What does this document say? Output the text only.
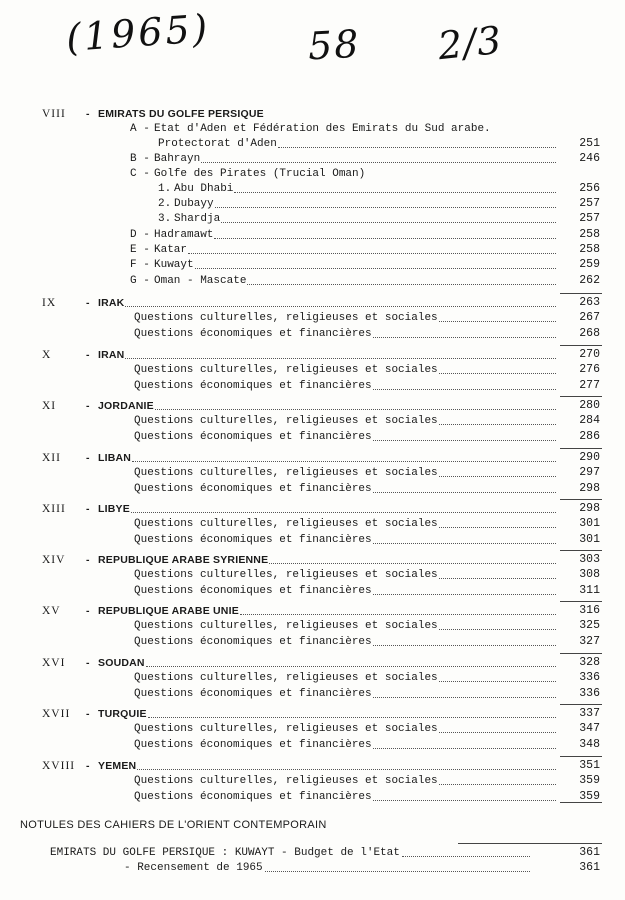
(1965)	58 2/3
VIII - EMIRATS DU GOLFE PERSIQUE
A - Etat d'Aden et Fédération des Emirats du Sud arabe.
Protectorat d'Aden	251
B - Bahrayn	246
C - Golfe des Pirates (Trucial Oman)
1. Abu Dhabi	256
2. Dubayy	257
3. Shardja	257
D - Hadramawt	258
E - Katar	258
F - Kuwayt	259
G - Oman - Mascate	262
IX	- IRAK	263
Questions culturelles, religieuses et sociales	267
Questions économiques et financières	268
X	- IRAN	270
Questions culturelles, religieuses et sociales	276
Questions économiques et financières	277
XI	- JORDANIE	280
Questions culturelles, religieuses et sociales	284
Questions économiques et financières	286
XII - LIBAN	290
Questions culturelles, religieuses et sociales	297
Questions économiques et financières	298
XIII - LIBYE	298
Questions culturelles, religieuses et sociales	301
Questions économiques et financières	301
XIV - REPUBLIQUE ARABE SYRIENNE	303
Questions culturelles, religieuses et sociales	308
Questions économiques et financières	311
XV - REPUBLIQUE ARABE UNIE	316
Questions culturelles, religieuses et sociales	325
Questions économiques et financières	327
XVI - SOUDAN	328
Questions culturelles, religieuses et sociales	336
Questions économiques et financières	336
XVII - TURQUIE	337
Questions culturelles, religieuses et sociales	347
Questions économiques et financières	348
XVIII - YEMEN	351
Questions culturelles, religieuses et sociales	359
Questions économiques et financières	359
NOTULES DES CAHIERS DE L'ORIENT CONTEMPORAIN
EMIRATS DU GOLFE PERSIQUE : KUWAYT - Budget de l'Etat	361
- Recensement de 1965	361
